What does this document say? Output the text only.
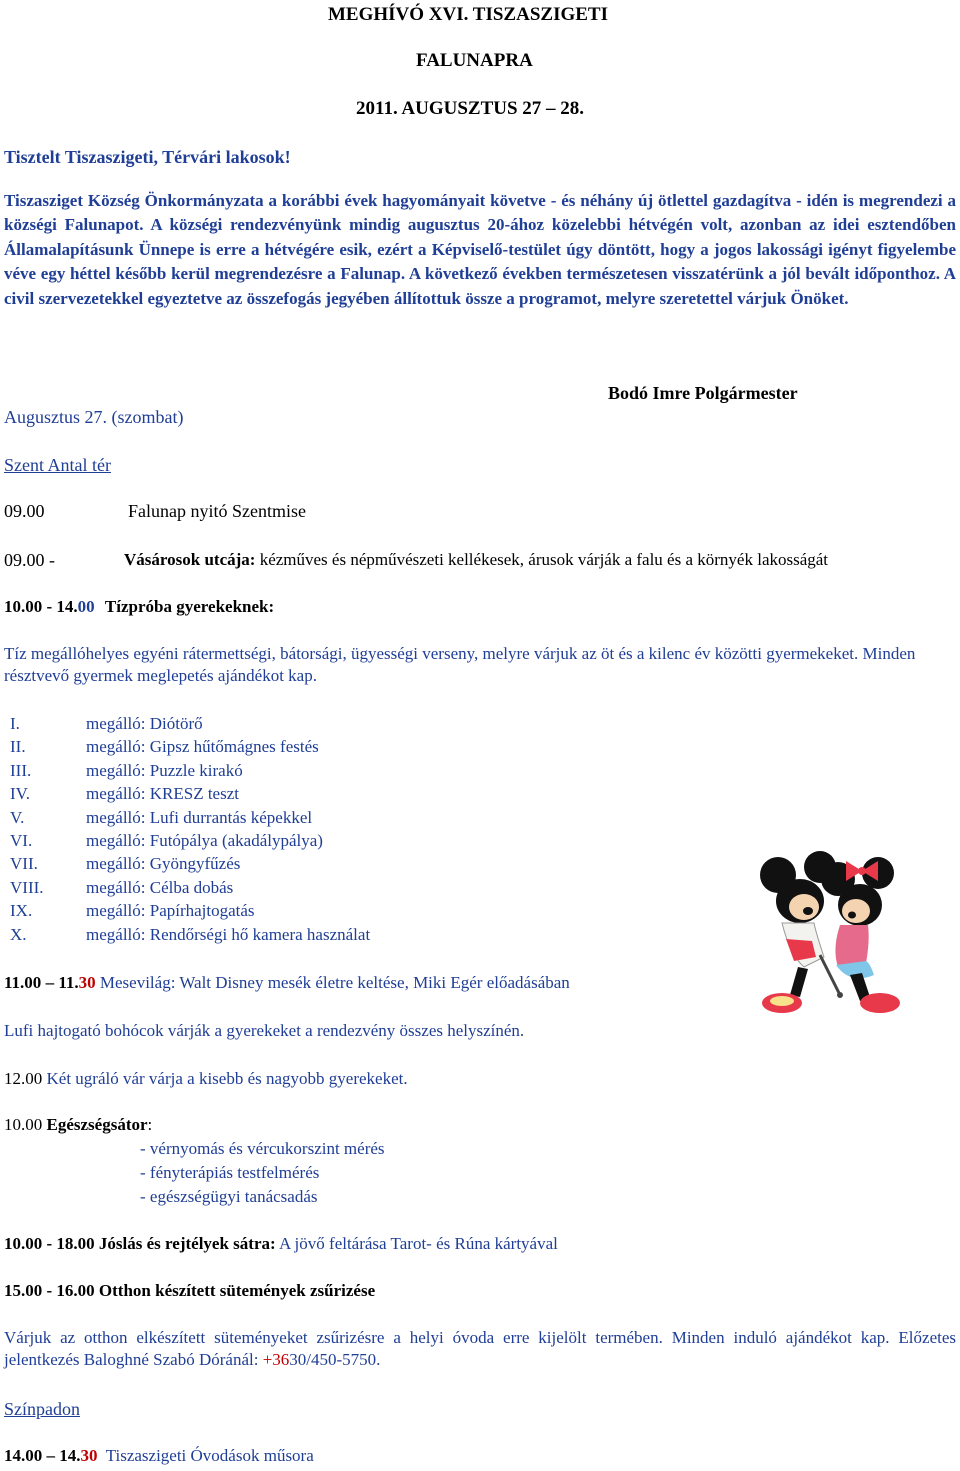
MEGHÍVÓ XVI. TISZASZIGETI
FALUNAPRA
2011. AUGUSZTUS 27 – 28.
Tisztelt Tiszaszigeti, Térvári lakosok!
Tiszasziget Község Önkormányzata a korábbi évek hagyományait követve - és néhány új ötlettel gazdagítva - idén is megrendezi a községi Falunapot. A községi rendezvényünk mindig augusztus 20-ához közelebbi hétvégén volt, azonban az idei esztendőben Államalapításunk Ünnepe is erre a hétvégére esik, ezért a Képviselő-testület úgy döntött, hogy a jogos lakossági igényt figyelembe véve egy héttel később kerül megrendezésre a Falunap. A következő években természetesen visszatérünk a jól bevált időponthoz. A civil szervezetekkel egyeztetve az összefogás jegyében állítottuk össze a programot, melyre szeretettel várjuk Önöket.
Bodó Imre Polgármester
Augusztus 27. (szombat)
Szent Antal tér
09.00	Falunap nyitó Szentmise
09.00 -	Vásárosok utcája: kézműves és népművészeti kellékesek, árusok várják a falu és a környék lakosságát
10.00 - 14.00 Tízpróba gyerekeknek:
Tíz megállóhelyes egyéni rátermettségi, bátorsági, ügyességi verseny, melyre várjuk az öt és a kilenc év közötti gyermekeket. Minden résztvevő gyermek meglepetés ajándékot kap.
I.	megálló: Diótörő
II.	megálló: Gipsz hűtőmágnes festés
III.	megálló: Puzzle kirakó
IV.	megálló: KRESZ teszt
V.	megálló: Lufi durrantás képekkel
VI.	megálló: Futópálya (akadálypálya)
VII.	megálló: Gyöngyfűzés
VIII. megálló: Célba dobás
IX.	megálló: Papírhajtogatás
X.	megálló: Rendőrségi hő kamera használat
11.00 – 11.30 Mesevilág: Walt Disney mesék életre keltése, Miki Egér előadásában
Lufi hajtogató bohócok várják a gyerekeket a rendezvény összes helyszínén.
12.00 Két ugráló vár várja a kisebb és nagyobb gyerekeket.
10.00 Egészségsátor:
- vérnyomás és vércukorszint mérés
- fényterápiás testfelmérés
- egészségügyi tanácsadás
10.00 - 18.00 Jóslás és rejtélyek sátra: A jövő feltárása Tarot- és Rúna kártyával
15.00 - 16.00 Otthon készített sütemények zsűrizése
Várjuk az otthon elkészített süteményeket zsűrizésre a helyi óvoda erre kijelölt termében. Minden induló ajándékot kap. Előzetes jelentkezés Baloghné Szabó Dóránál: +3630/450-5750.
Színpadon
14.00 – 14.30  Tiszaszigeti Óvodások műsora
